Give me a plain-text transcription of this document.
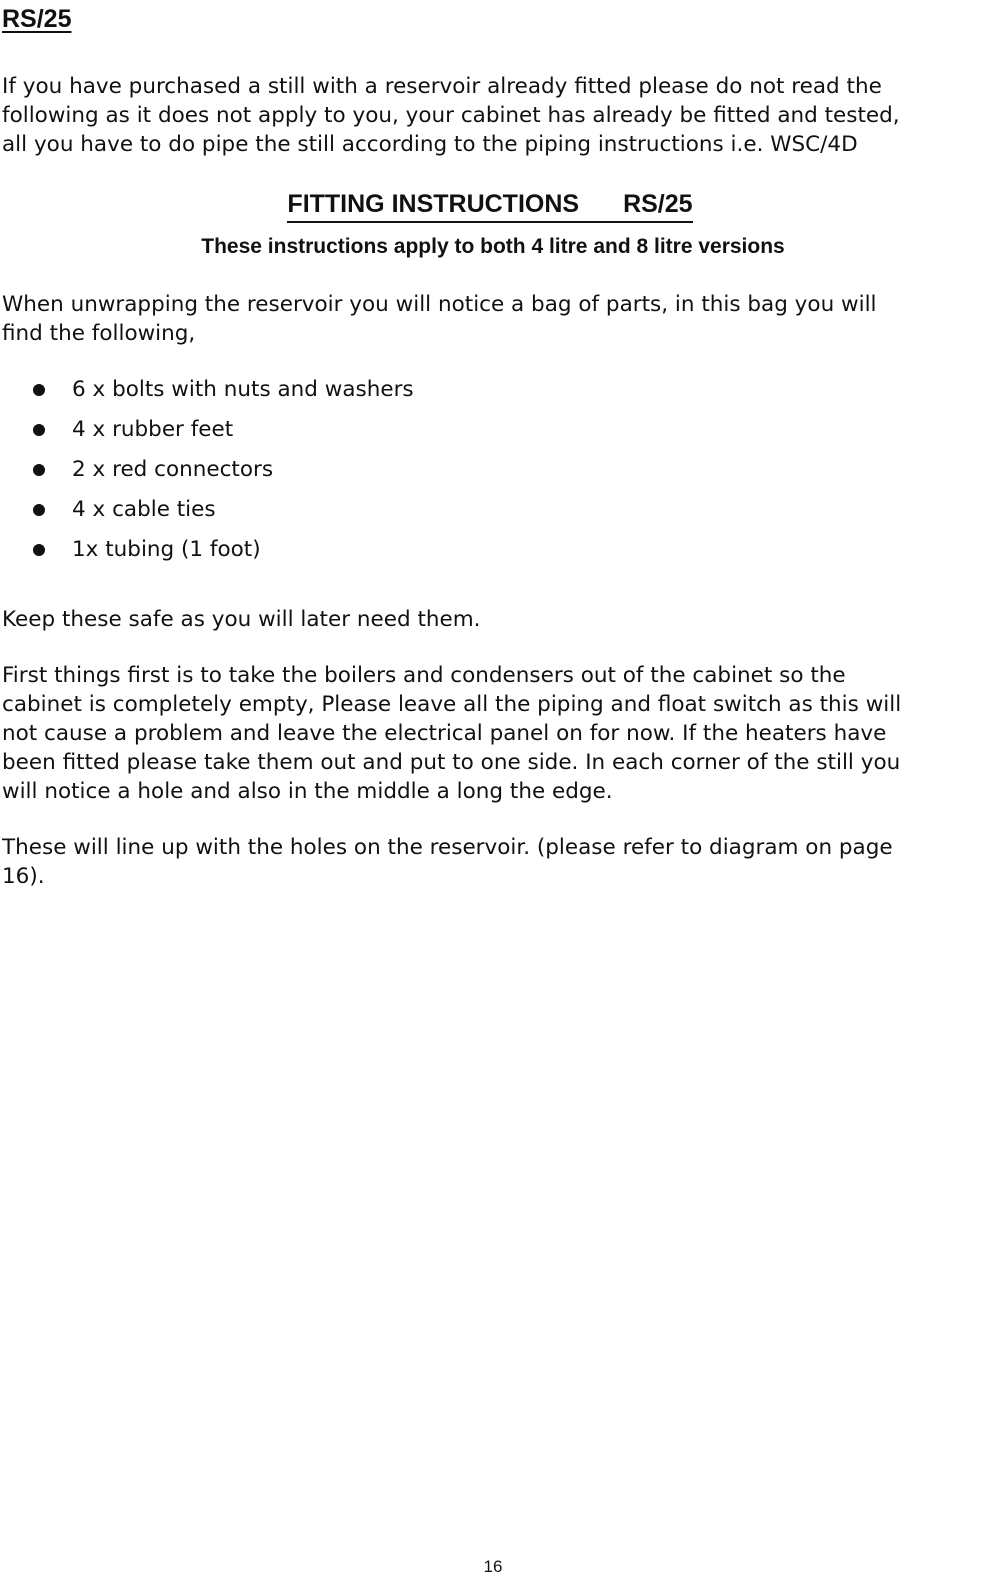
RS/25

If you have purchased a still with a reservoir already fitted please do not read the
following as it does not apply to you, your cabinet has already be fitted and tested,
all you have to do pipe the still according to the piping instructions i.e. WSC/4D

FITTING INSTRUCTIONS RS/25
These instructions apply to both 4 litre and 8 litre versions

When unwrapping the reservoir you will notice a bag of parts, in this bag you will
find the following,

6 x bolts with nuts and washers
4 x rubber feet
2 x red connectors
4 x cable ties
1x tubing (1 foot)

Keep these safe as you will later need them.

First things first is to take the boilers and condensers out of the cabinet so the
cabinet is completely empty, Please leave all the piping and float switch as this will
not cause a problem and leave the electrical panel on for now. If the heaters have
been fitted please take them out and put to one side. In each corner of the still you
will notice a hole and also in the middle a long the edge.

These will line up with the holes on the reservoir. (please refer to diagram on page
16).

16
